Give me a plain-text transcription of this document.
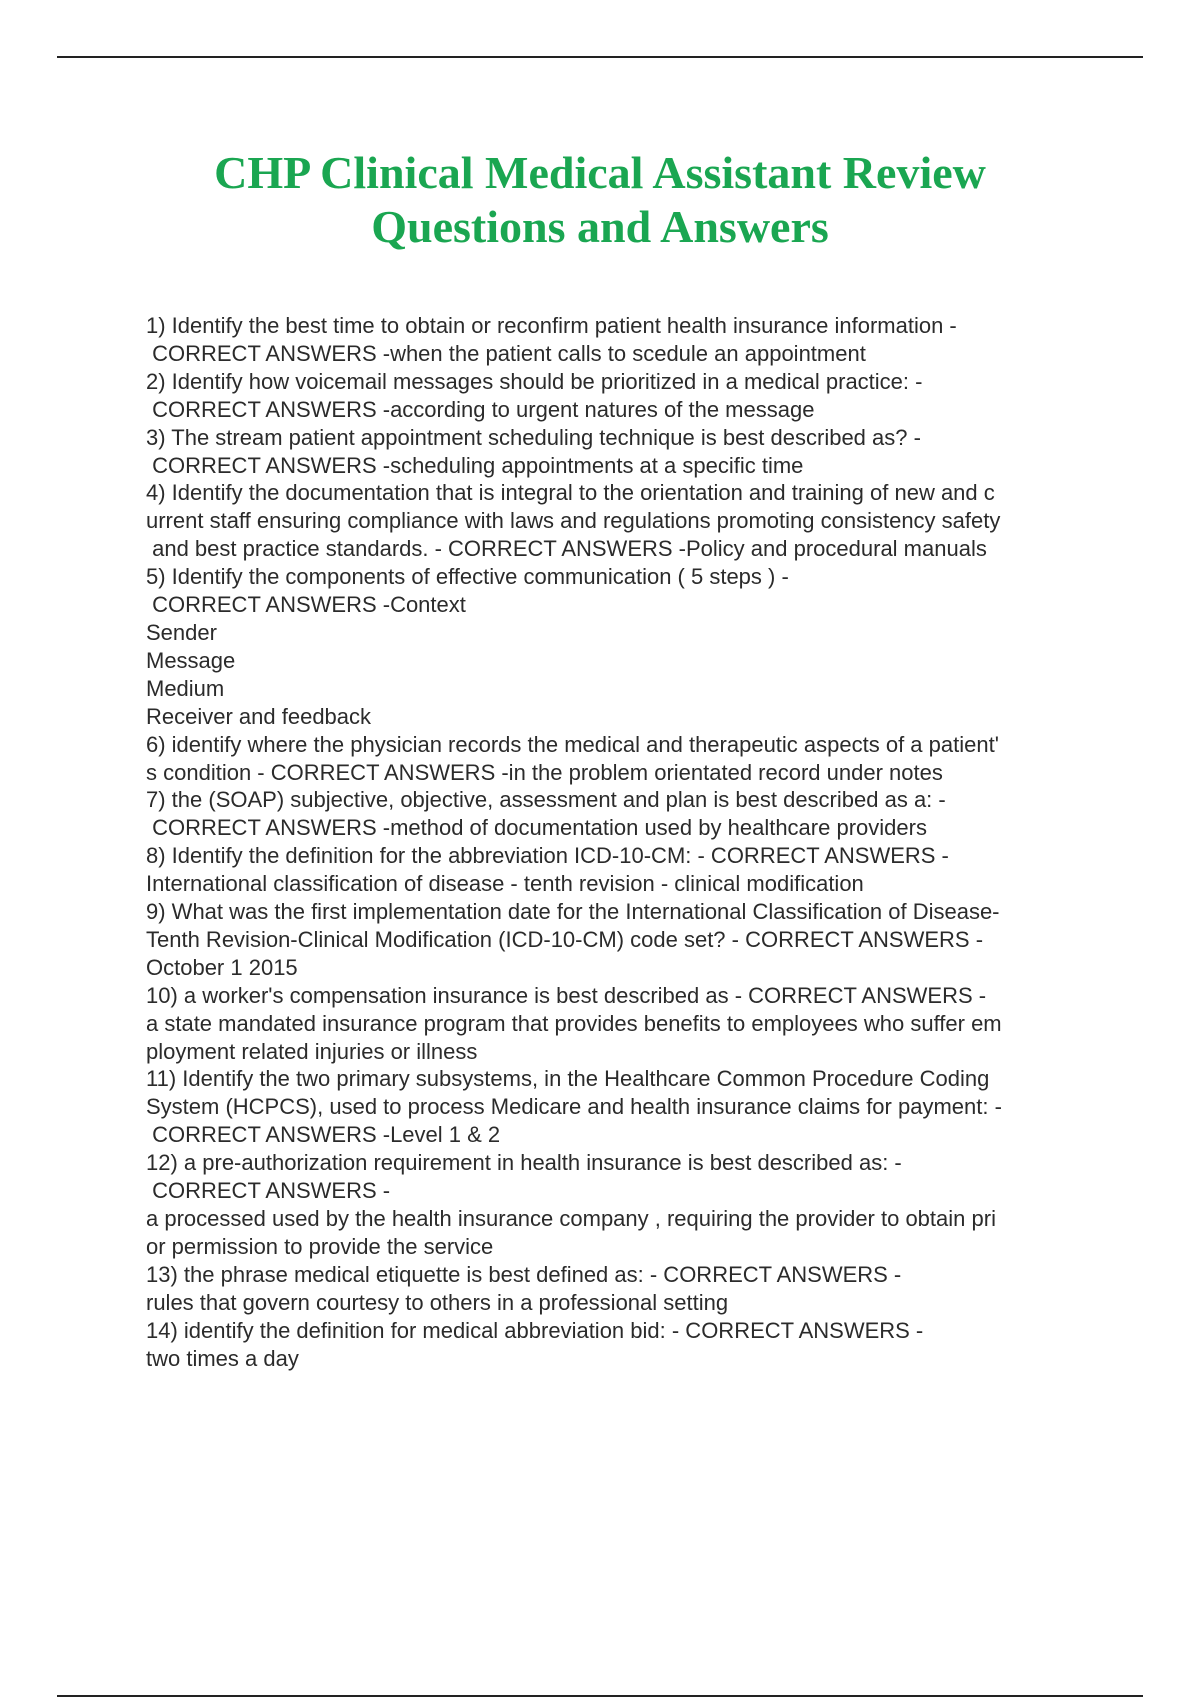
CHP Clinical Medical Assistant Review
Questions and Answers
1) Identify the best time to obtain or reconfirm patient health insurance information -
CORRECT ANSWERS -when the patient calls to scedule an appointment
2) Identify how voicemail messages should be prioritized in a medical practice: -
CORRECT ANSWERS -according to urgent natures of the message
3) The stream patient appointment scheduling technique is best described as? -
CORRECT ANSWERS -scheduling appointments at a specific time
4) Identify the documentation that is integral to the orientation and training of new and c
urrent staff ensuring compliance with laws and regulations promoting consistency safety
and best practice standards. - CORRECT ANSWERS -Policy and procedural manuals
5) Identify the components of effective communication ( 5 steps ) -
CORRECT ANSWERS -Context
Sender
Message
Medium
Receiver and feedback
6) identify where the physician records the medical and therapeutic aspects of a patient'
s condition - CORRECT ANSWERS -in the problem orientated record under notes
7) the (SOAP) subjective, objective, assessment and plan is best described as a: -
CORRECT ANSWERS -method of documentation used by healthcare providers
8) Identify the definition for the abbreviation ICD-10-CM: - CORRECT ANSWERS -
International classification of disease - tenth revision - clinical modification
9) What was the first implementation date for the International Classification of Disease-
Tenth Revision-Clinical Modification (ICD-10-CM) code set? - CORRECT ANSWERS -
October 1 2015
10) a worker's compensation insurance is best described as - CORRECT ANSWERS -
a state mandated insurance program that provides benefits to employees who suffer em
ployment related injuries or illness
11) Identify the two primary subsystems, in the Healthcare Common Procedure Coding
System (HCPCS), used to process Medicare and health insurance claims for payment: -
CORRECT ANSWERS -Level 1 & 2
12) a pre-authorization requirement in health insurance is best described as: -
CORRECT ANSWERS -
a processed used by the health insurance company , requiring the provider to obtain pri
or permission to provide the service
13) the phrase medical etiquette is best defined as: - CORRECT ANSWERS -
rules that govern courtesy to others in a professional setting
14) identify the definition for medical abbreviation bid: - CORRECT ANSWERS -
two times a day
